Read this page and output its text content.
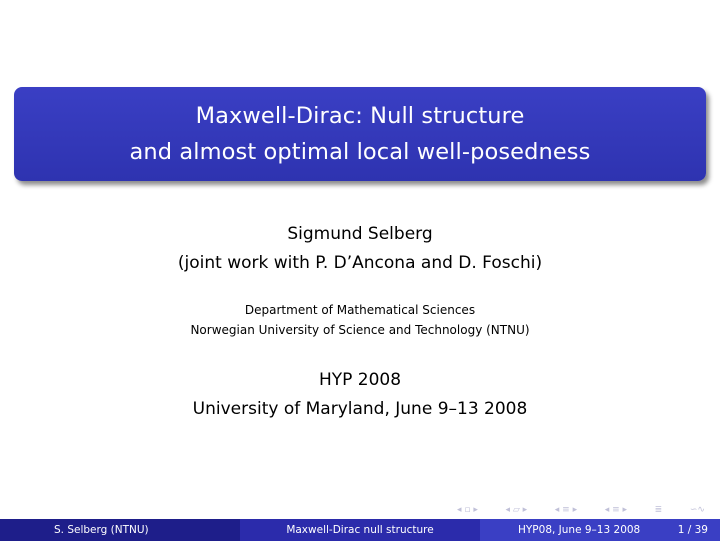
Maxwell-Dirac: Null structure
and almost optimal local well-posedness
Sigmund Selberg
(joint work with P. D’Ancona and D. Foschi)
Department of Mathematical Sciences
Norwegian University of Science and Technology (NTNU)
HYP 2008
University of Maryland, June 9–13 2008
◂ ▫ ▸	◂ ▱ ▸	◂ ≡ ▸	◂ ≡ ▸	≣	∽∿
S. Selberg (NTNU)	Maxwell-Dirac null structure	HYP08, June 9–13 2008	1 / 39
